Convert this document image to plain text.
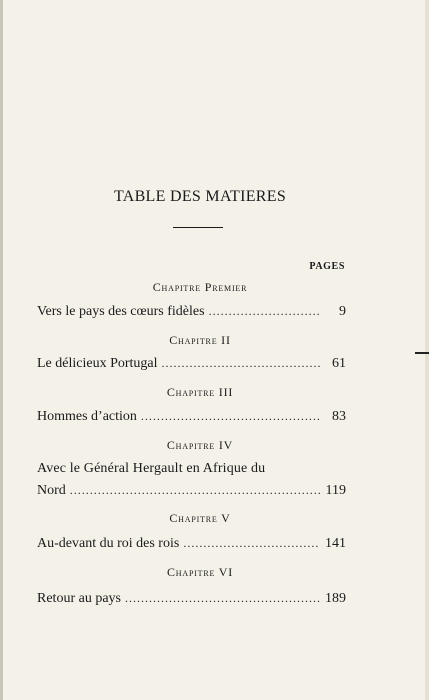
TABLE DES MATIERES
PAGES
Chapitre Premier
Vers le pays des cœurs fidèles . . .	9
Chapitre II
Le délicieux Portugal . . .	61
Chapitre III
Hommes d’action . . .	83
Chapitre IV
Avec le Général Hergault en Afrique du
Nord . . .	119
Chapitre V
Au-devant du roi des rois . . .	141
Chapitre VI
Retour au pays . . .	189
